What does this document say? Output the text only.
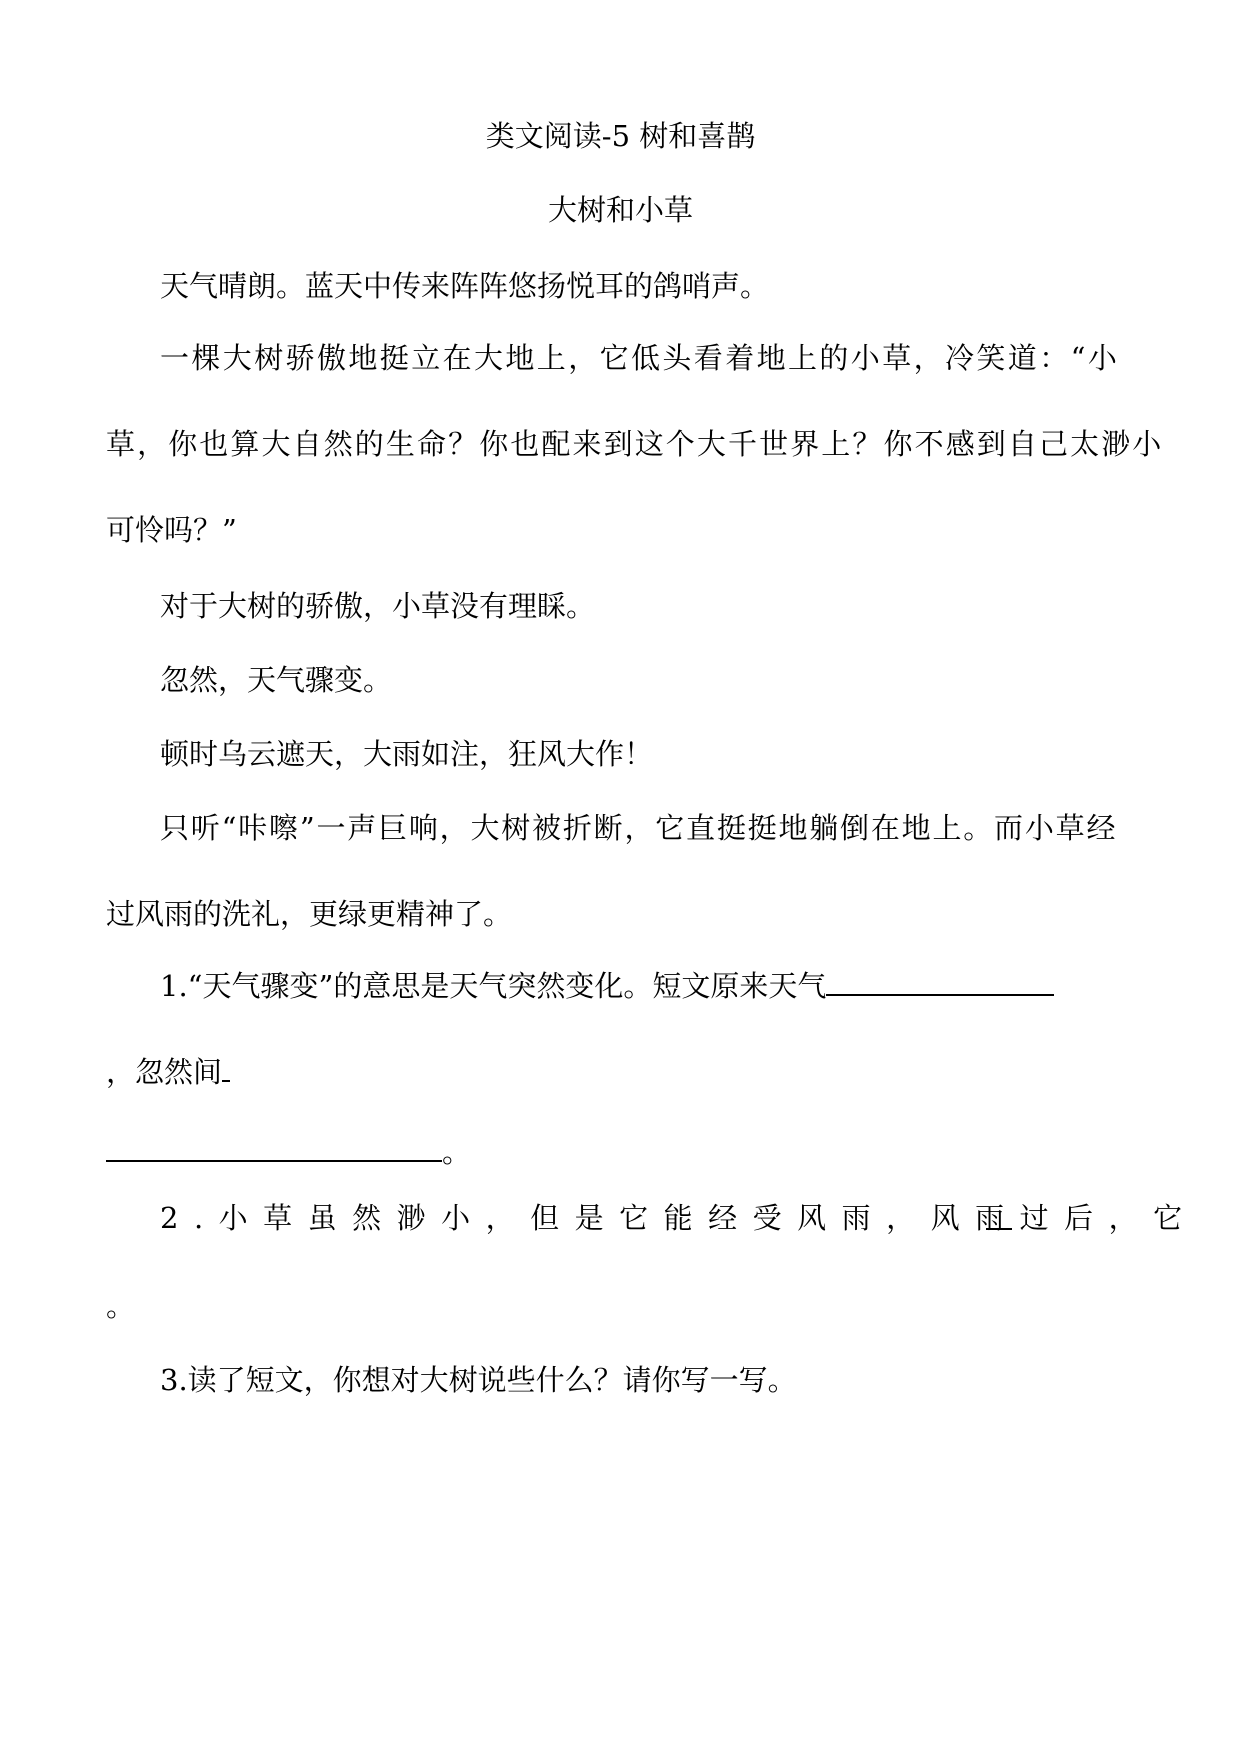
类文阅读-5 树和喜鹊
大树和小草
天气晴朗。蓝天中传来阵阵悠扬悦耳的鸽哨声。
一棵大树骄傲地挺立在大地上，它低头看着地上的小草，冷笑道：“小
草，你也算大自然的生命？你也配来到这个大千世界上？你不感到自己太渺小
可怜吗？”
对于大树的骄傲，小草没有理睬。
忽然，天气骤变。
顿时乌云遮天，大雨如注，狂风大作！
只听“咔嚓”一声巨响，大树被折断，它直挺挺地躺倒在地上。而小草经
过风雨的洗礼，更绿更精神了。
1.“天气骤变”的意思是天气突然变化。短文原来天气
，忽然间
。
2.小草虽然渺小，但是它能经受风雨，风雨过后，它
。
3.读了短文，你想对大树说些什么？请你写一写。
